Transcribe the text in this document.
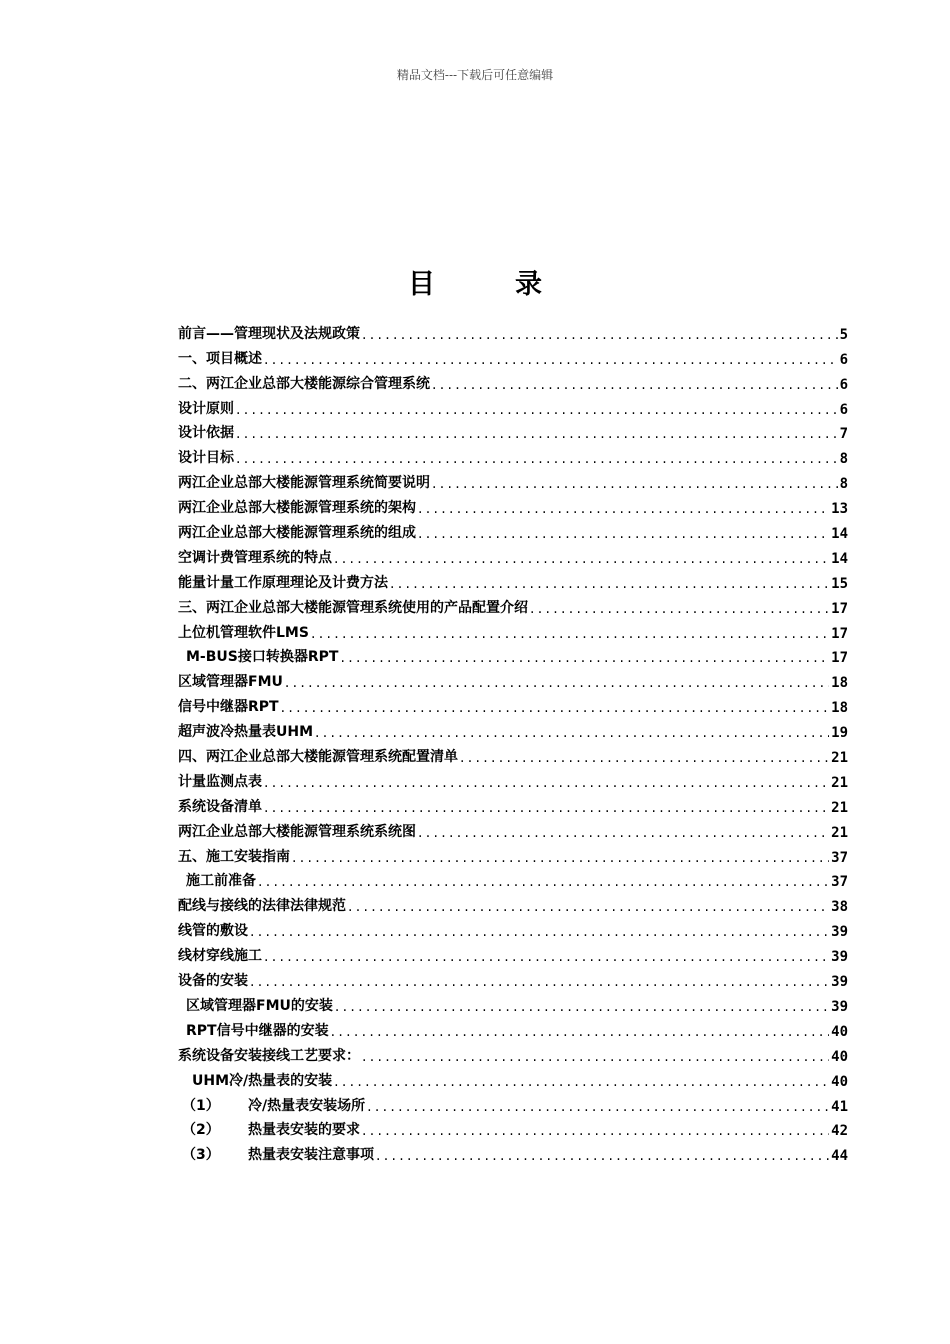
精品文档---下载后可任意编辑
目	录
前言——管理现状及法规政策 .....	5
一、项目概述 .....	6
二、两江企业总部大楼能源综合管理系统 .....	6
设计原则 .....	6
设计依据 .....	7
设计目标 .....	8
两江企业总部大楼能源管理系统简要说明 .....	8
两江企业总部大楼能源管理系统的架构 .....	13
两江企业总部大楼能源管理系统的组成 .....	14
空调计费管理系统的特点 .....	14
能量计量工作原理理论及计费方法 .....	15
三、两江企业总部大楼能源管理系统使用的产品配置介绍 .....	17
上位机管理软件LMS .....	17
M-BUS接口转换器RPT .....	17
区域管理器FMU .....	18
信号中继器RPT .....	18
超声波冷热量表UHM .....	19
四、两江企业总部大楼能源管理系统配置清单 .....	21
计量监测点表 .....	21
系统设备清单 .....	21
两江企业总部大楼能源管理系统系统图 .....	21
五、施工安装指南 .....	37
施工前准备 .....	37
配线与接线的法律法律规范 .....	38
线管的敷设 .....	39
线材穿线施工 .....	39
设备的安装 .....	39
区域管理器FMU的安装 .....	39
RPT信号中继器的安装 .....	40
系统设备安装接线工艺要求： .....	40
UHM冷/热量表的安装 .....	40
（1） 冷/热量表安装场所 .....	41
（2） 热量表安装的要求 .....	42
（3） 热量表安装注意事项 .....	44
